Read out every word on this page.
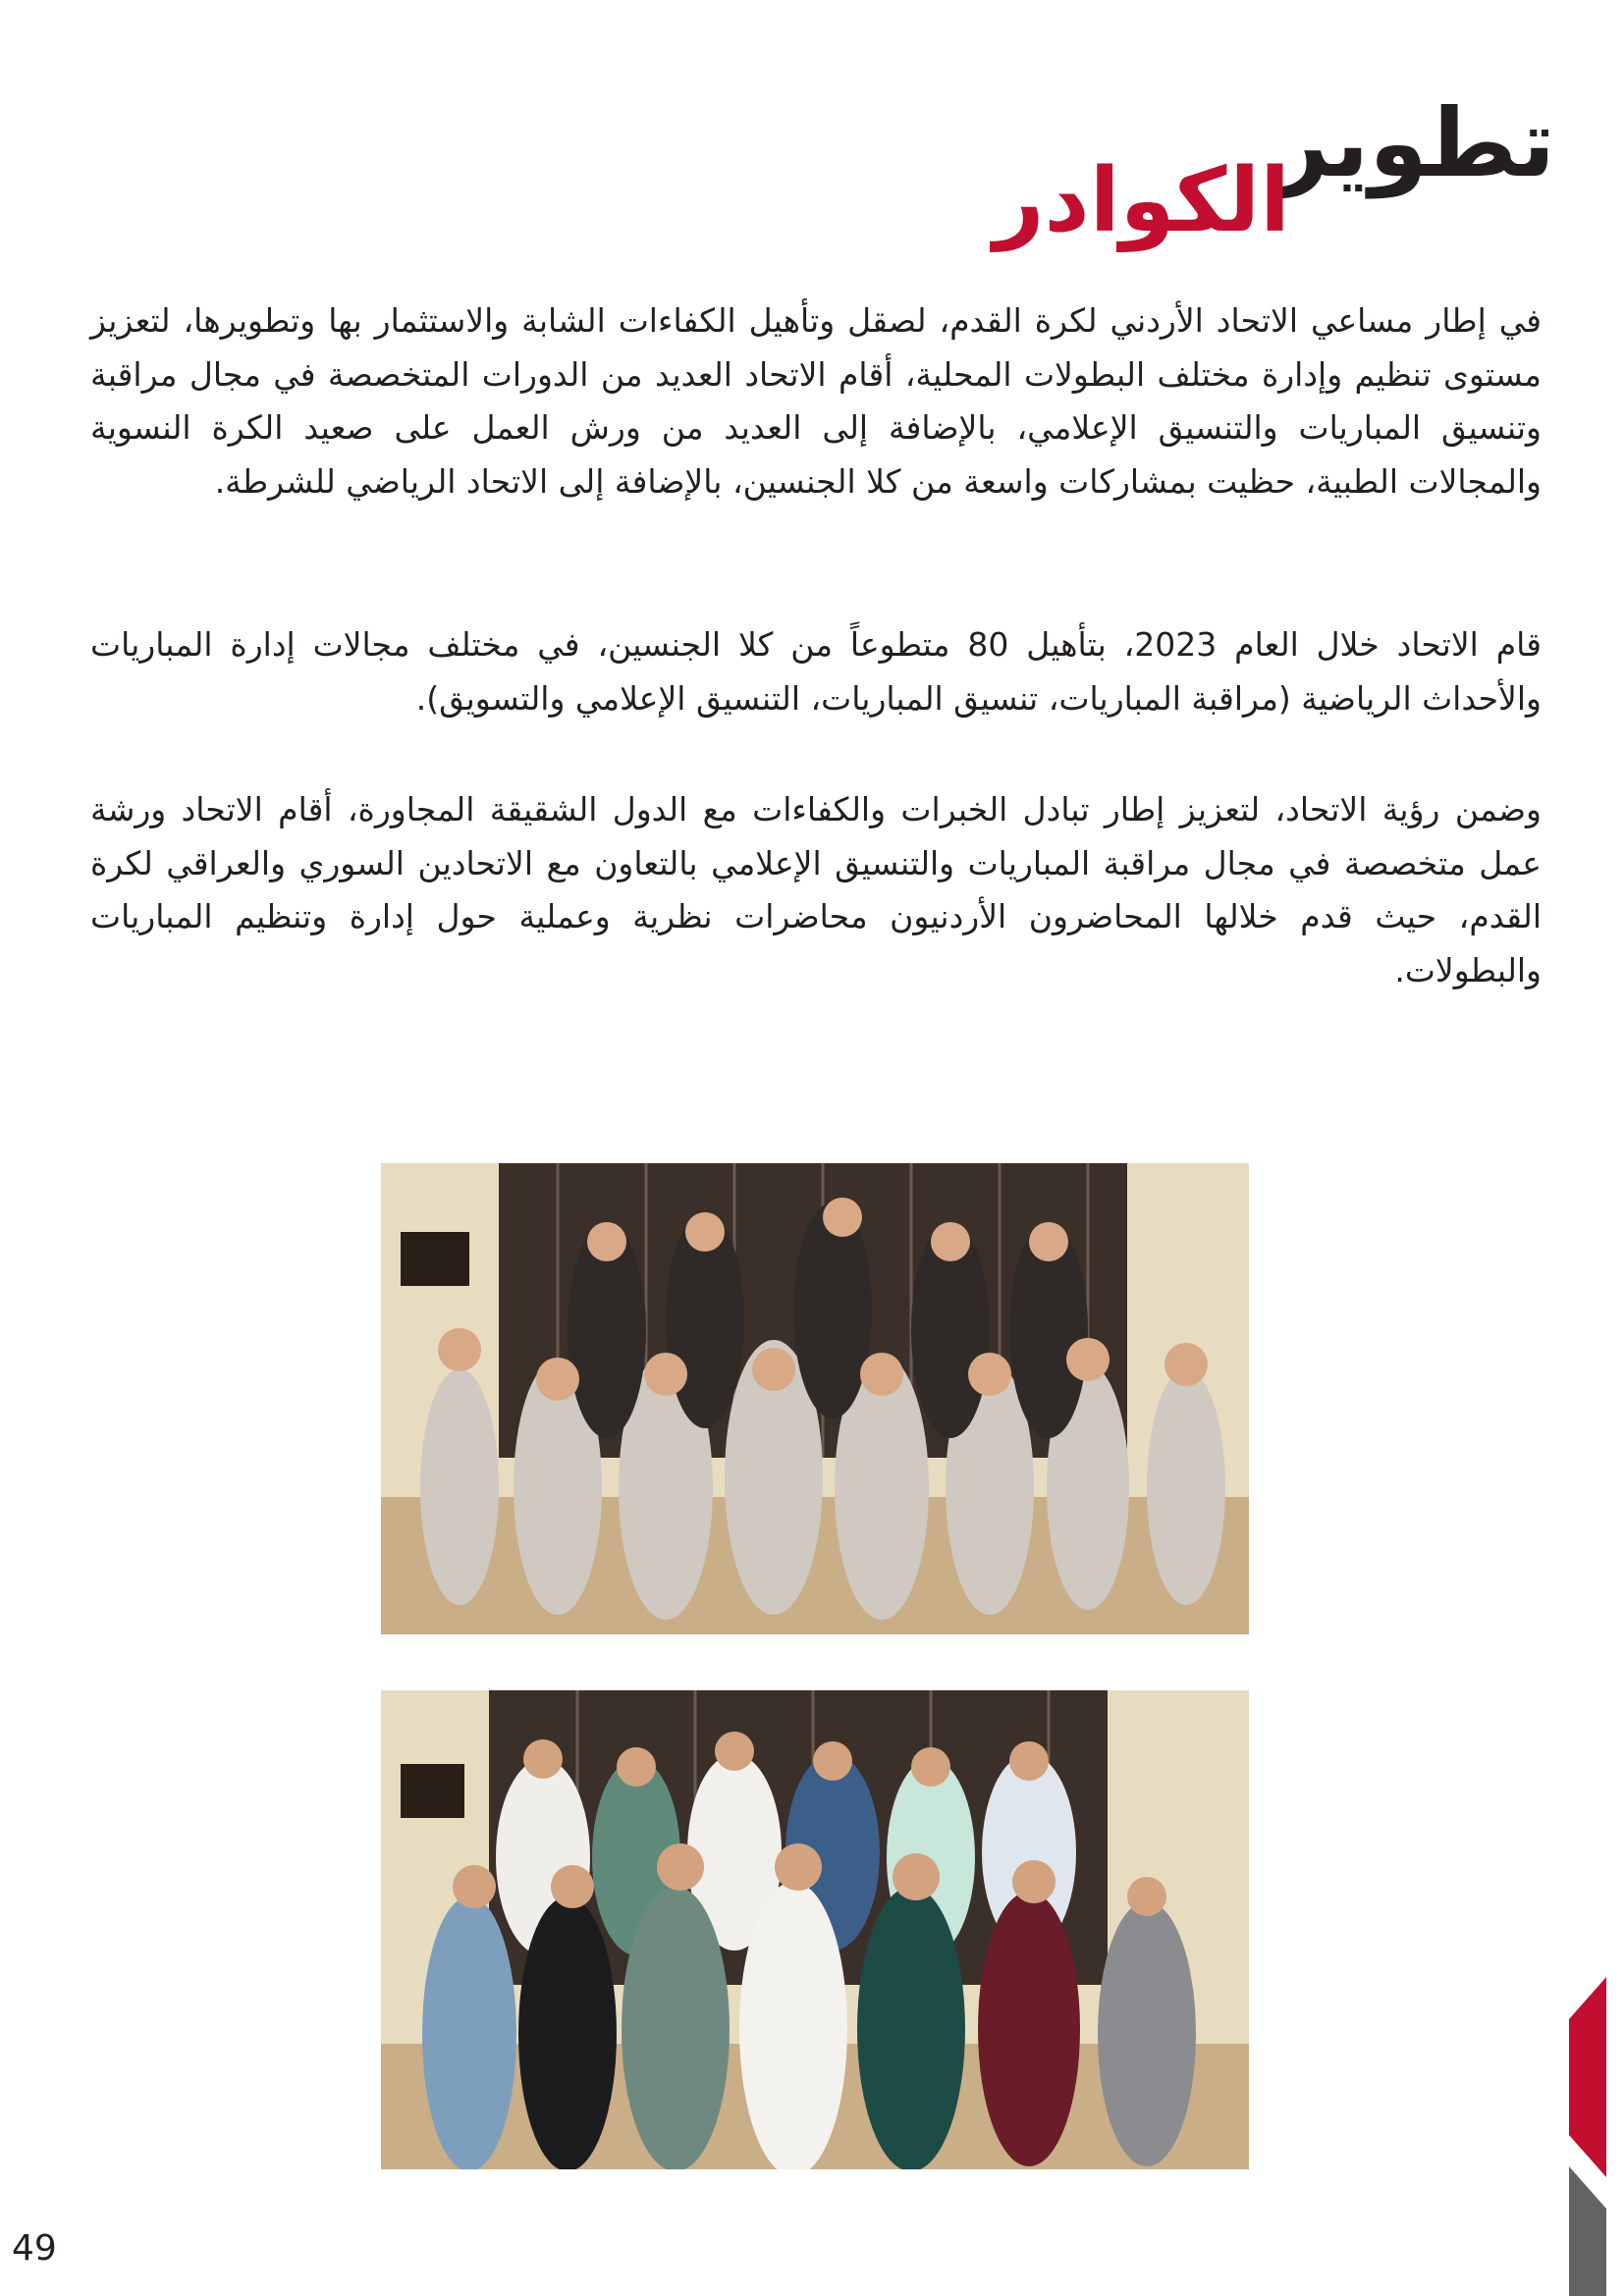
تطوير
الكوادر

في إطار مساعي الاتحاد الأردني لكرة القدم، لصقل وتأهيل الكفاءات الشابة والاستثمار بها وتطويرها، لتعزيز مستوى تنظيم وإدارة مختلف البطولات المحلية، أقام الاتحاد العديد من الدورات المتخصصة في مجال مراقبة وتنسيق المباريات والتنسيق الإعلامي، بالإضافة إلى العديد من ورش العمل على صعيد الكرة النسوية والمجالات الطبية، حظيت بمشاركات واسعة من كلا الجنسين، بالإضافة إلى الاتحاد الرياضي للشرطة.

قام الاتحاد خلال العام 2023، بتأهيل 80 متطوعاً من كلا الجنسين، في مختلف مجالات إدارة المباريات والأحداث الرياضية (مراقبة المباريات، تنسيق المباريات، التنسيق الإعلامي والتسويق).

وضمن رؤية الاتحاد، لتعزيز إطار تبادل الخبرات والكفاءات مع الدول الشقيقة المجاورة، أقام الاتحاد ورشة عمل متخصصة في مجال مراقبة المباريات والتنسيق الإعلامي بالتعاون مع الاتحادين السوري والعراقي لكرة القدم، حيث قدم خلالها المحاضرون الأردنيون محاضرات نظرية وعملية حول إدارة وتنظيم المباريات والبطولات.

49
